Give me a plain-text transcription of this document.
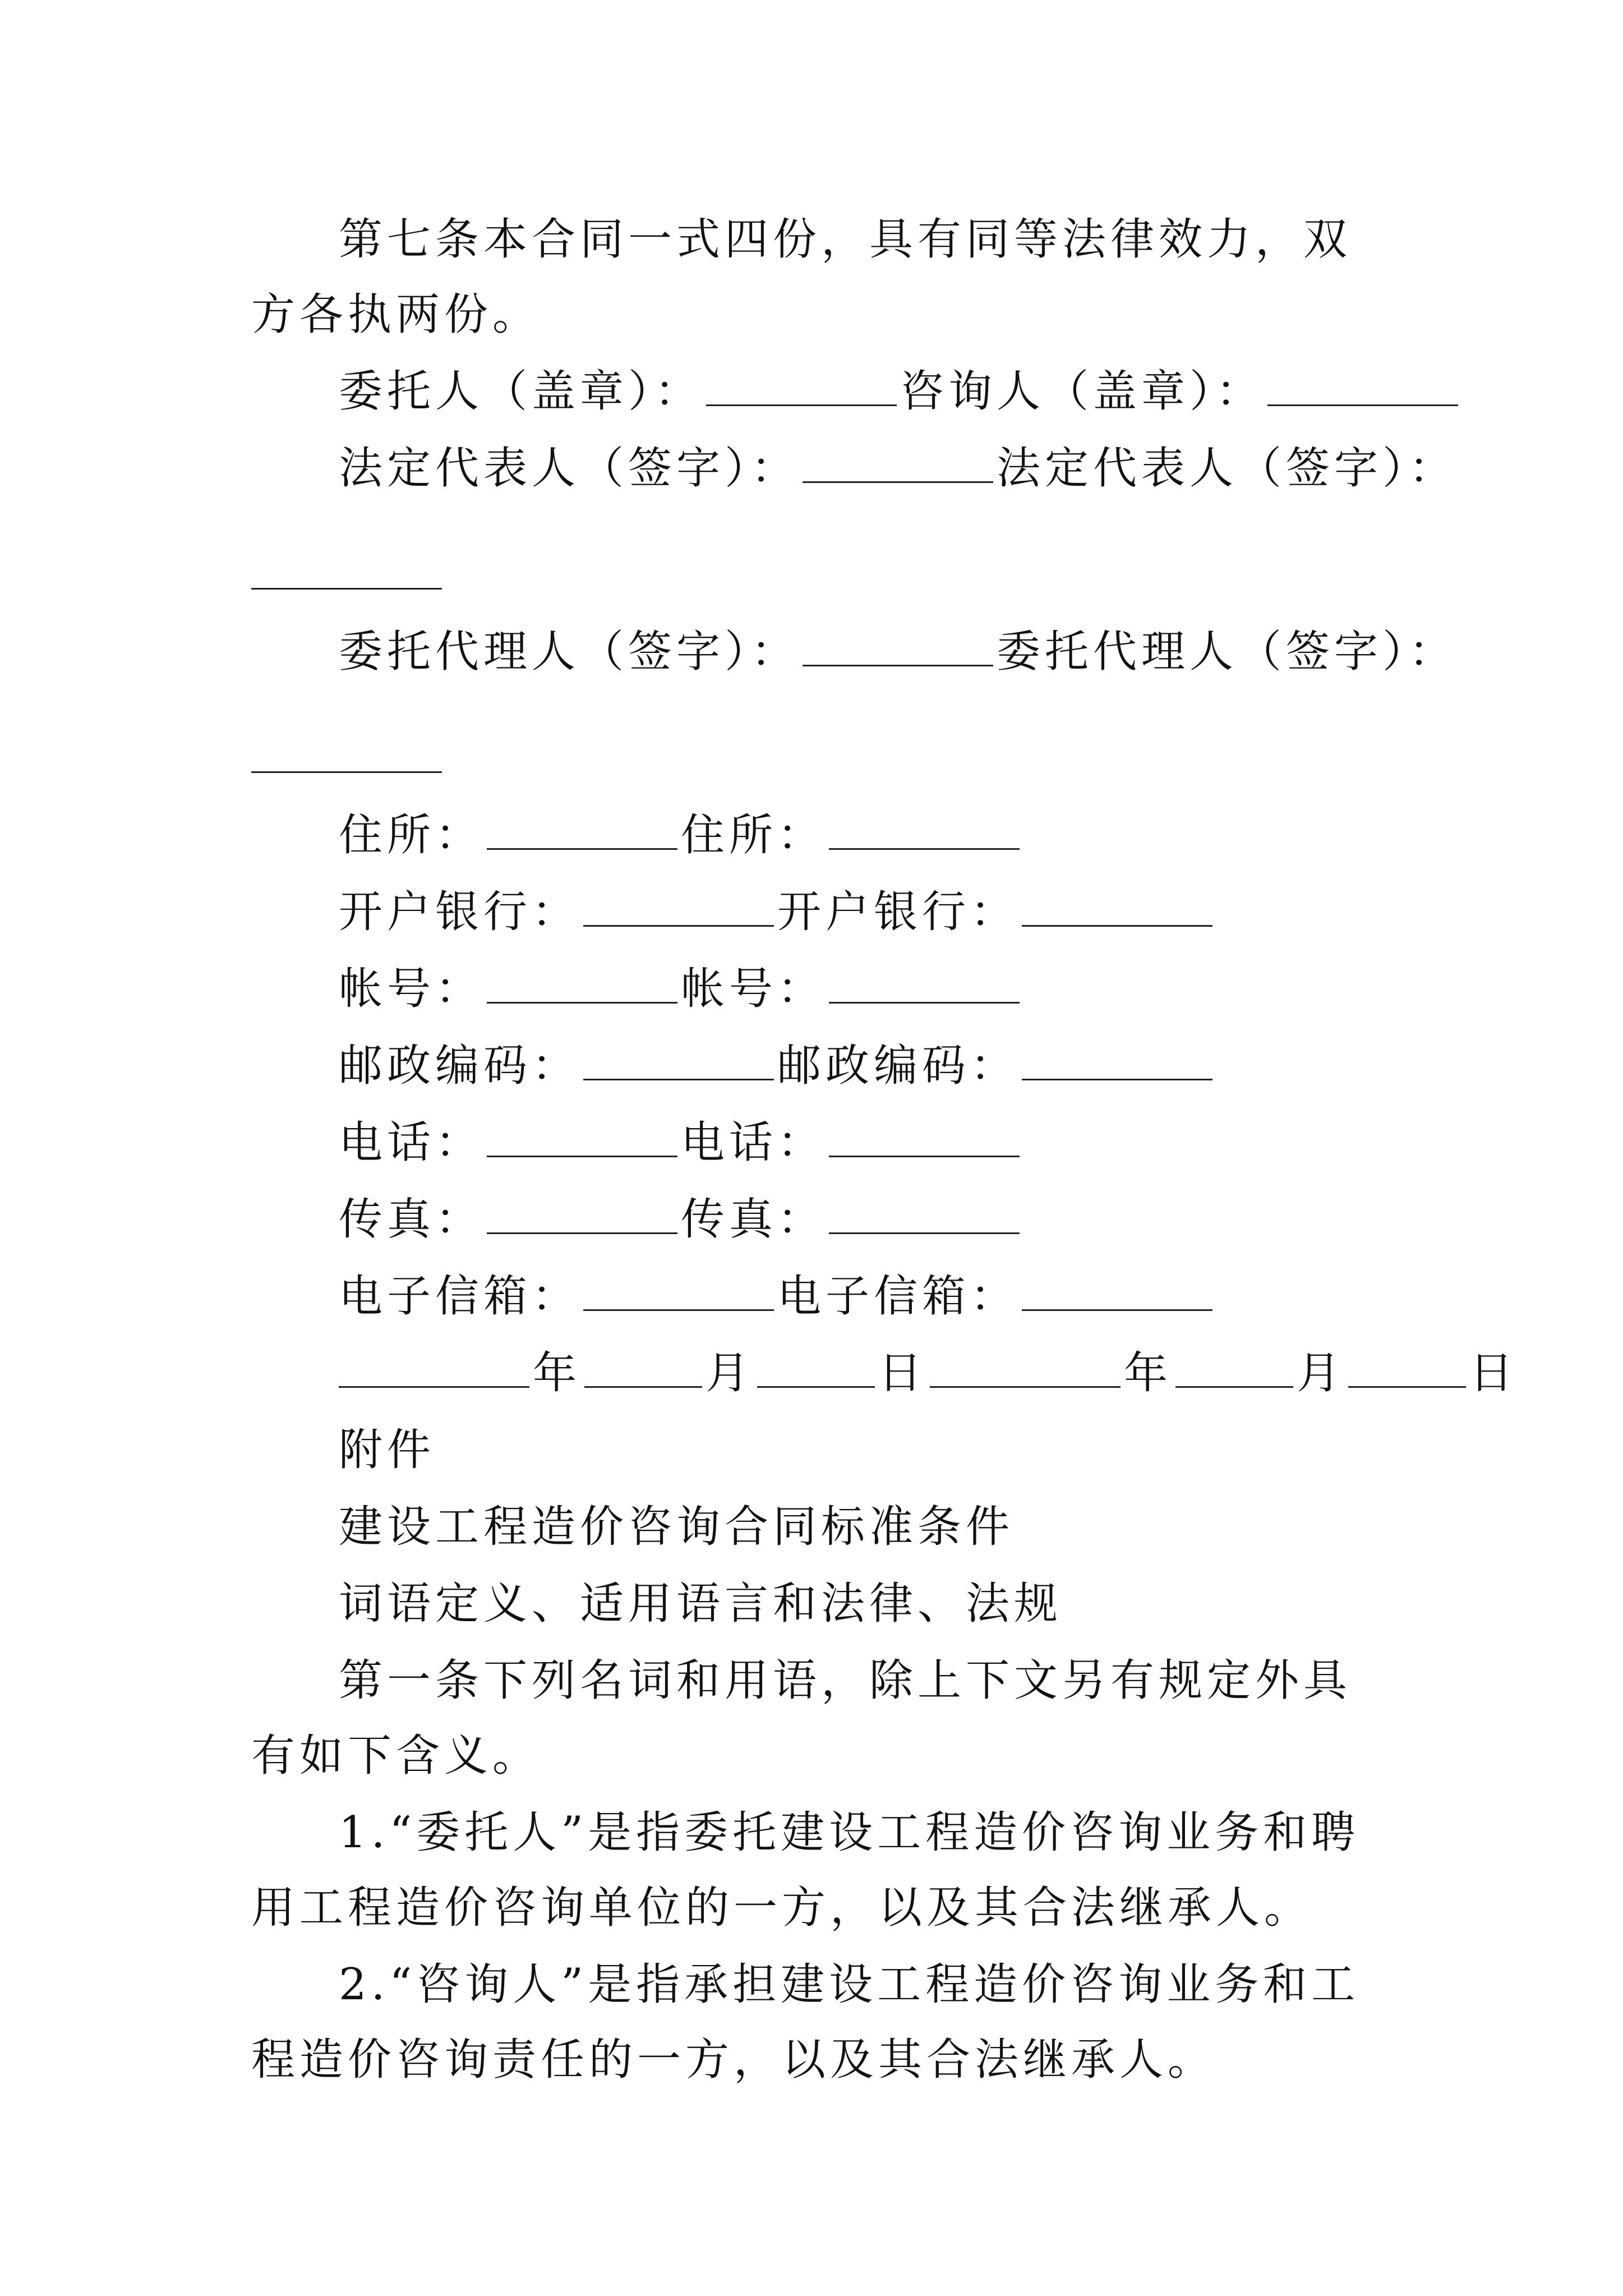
第七条本合同一式四份，具有同等法律效力，双方各执两份。

委托人（盖章）：	咨询人（盖章）：

法定代表人（签字）：	法定代表人（签字）：

委托代理人（签字）：	委托代理人（签字）：

住所：	住所：

开户银行：	开户银行：

帐号：	帐号：

邮政编码：	邮政编码：

电话：	电话：

传真：	传真：

电子信箱：	电子信箱：

年	月	日	年	月	日

附件

建设工程造价咨询合同标准条件

词语定义、适用语言和法律、法规

第一条下列名词和用语，除上下文另有规定外具有如下含义。

1.“委托人”是指委托建设工程造价咨询业务和聘用工程造价咨询单位的一方，以及其合法继承人。

2.“咨询人”是指承担建设工程造价咨询业务和工程造价咨询责任的一方，以及其合法继承人。
